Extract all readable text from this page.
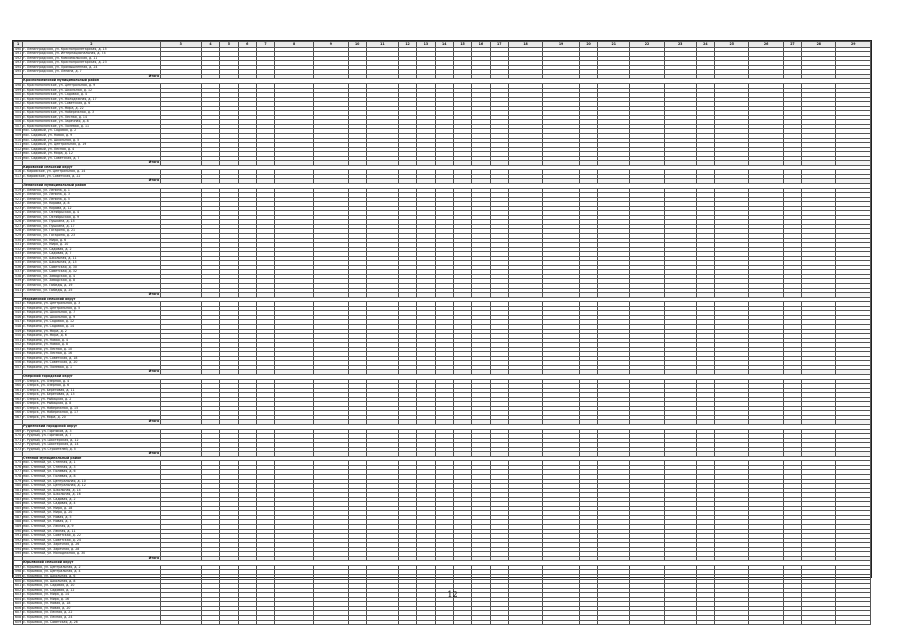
1	2	3	4	5	6	7	8	9	10	11	12	13	14	15	16	17	18	19	20	21	22	23	24	25	26	27	28	29
490	г. Ленинградская, ул. Краснопролетарская, д. 15																											
491	г. Ленинградская, ул. Интернациональная, д. 74																											
492	г. Ленинградская, ул. Комсомольская, д. 11																											
493	г. Ленинградская, ул. Краснопролетарская, д. 23																											
494	г. Ленинградская, ул. Промышленная, д. 24																											
495	г. Ленинградская, ул. Ленина, д. 7																											
	Итого																											
	Краснополянский муниципальный район																											
498	с. Краснополянское, ул. Центральная, д. 9																											
499	с. Краснополянское, ул. Школьная, д. 12																											
500	с. Краснополянское, ул. Садовая, д. 4																											
501	с. Краснополянское, ул. Молодежная, д. 17																											
502	с. Краснополянское, ул. Советская, д. 6																											
503	с. Краснополянское, ул. Мира, д. 22																											
504	с. Краснополянское, ул. Набережная, д. 3																											
505	с. Краснополянское, ул. Лесная, д. 14																											
506	с. Краснополянское, ул. Заречная, д. 8																											
507	с. Краснополянское, ул. Полевая, д. 11																											
508	пос. Садовый, ул. Садовая, д. 2																											
509	пос. Садовый, ул. Новая, д. 9																											
510	пос. Садовый, ул. Школьная, д. 5																											
511	пос. Садовый, ул. Центральная, д. 19																											
512	пос. Садовый, ул. Лесная, д. 4																											
513	пос. Садовый, ул. Мира, д. 12																											
514	пос. Садовый, ул. Советская, д. 7																											
	Итого																											
	Кировский сельский округ																											
516	с. Кировское, ул. Центральная, д. 14																											
517	с. Кировское, ул. Советская, д. 22																											
	Итого																											
	Ленинский муниципальный район																											
519	г. Ленинск, ул. Ленина, д. 1																											
520	г. Ленинск, ул. Ленина, д. 3																											
521	г. Ленинск, ул. Ленина, д. 5																											
522	г. Ленинск, ул. Кирова, д. 8																											
523	г. Ленинск, ул. Кирова, д. 12																											
524	г. Ленинск, ул. Октябрьская, д. 4																											
525	г. Ленинск, ул. Октябрьская, д. 9																											
526	г. Ленинск, ул. Пушкина, д. 15																											
527	г. Ленинск, ул. Пушкина, д. 17																											
528	г. Ленинск, ул. Гагарина, д. 21																											
529	г. Ленинск, ул. Гагарина, д. 23																											
530	г. Ленинск, ул. Мира, д. 6																											
531	г. Ленинск, ул. Мира, д. 10																											
532	г. Ленинск, ул. Садовая, д. 2																											
533	г. Ленинск, ул. Садовая, д. 7																											
534	г. Ленинск, ул. Школьная, д. 11																											
535	г. Ленинск, ул. Школьная, д. 13																											
536	г. Ленинск, ул. Советская, д. 30																											
537	г. Ленинск, ул. Советская, д. 32																											
538	г. Ленинск, ул. Заводская, д. 4																											
539	г. Ленинск, ул. Заводская, д. 8																											
540	г. Ленинск, ул. Победы, д. 19																											
541	г. Ленинск, ул. Победы, д. 25																											
	Итого																											
	Маркинский сельский округ																											
543	с. Маркино, ул. Центральная, д. 3																											
544	с. Маркино, ул. Центральная, д. 5																											
545	с. Маркино, ул. Школьная, д. 7																											
546	с. Маркино, ул. Школьная, д. 9																											
547	с. Маркино, ул. Садовая, д. 12																											
548	с. Маркино, ул. Садовая, д. 14																											
549	с. Маркино, ул. Мира, д. 2																											
550	с. Маркино, ул. Мира, д. 6																											
551	с. Маркино, ул. Новая, д. 4																											
552	с. Маркино, ул. Новая, д. 8																											
553	с. Маркино, ул. Лесная, д. 10																											
554	с. Маркино, ул. Лесная, д. 16																											
555	с. Маркино, ул. Советская, д. 18																											
556	с. Маркино, ул. Советская, д. 20																											
557	с. Маркино, ул. Полевая, д. 1																											
	Итого																											
	Озерский городской округ																											
559	г. Озерск, ул. Озерная, д. 4																											
560	г. Озерск, ул. Озерная, д. 6																											
561	г. Озерск, ул. Береговая, д. 11																											
562	г. Озерск, ул. Береговая, д. 13																											
563	г. Озерск, ул. Рыбацкая, д. 2																											
564	г. Озерск, ул. Рыбацкая, д. 8																											
565	г. Озерск, ул. Набережная, д. 15																											
566	г. Озерск, ул. Набережная, д. 17																											
567	г. Озерск, ул. Мира, д. 20																											
	Итого																											
	Рудненский городской округ																											
569	г. Рудный, ул. Горняков, д. 3																											
570	г. Рудный, ул. Горняков, д. 7																											
571	г. Рудный, ул. Шахтерская, д. 12																											
572	г. Рудный, ул. Шахтерская, д. 14																											
573	г. Рудный, ул. Строителей, д. 5																											
	Итого																											
	Степной муниципальный район																											
575	пос. Степной, ул. Степная, д. 1																											
576	пос. Степной, ул. Степная, д. 3																											
577	пос. Степной, ул. Полевая, д. 6																											
578	пос. Степной, ул. Полевая, д. 8																											
579	пос. Степной, ул. Центральная, д. 10																											
580	пос. Степной, ул. Центральная, д. 12																											
581	пос. Степной, ул. Школьная, д. 14																											
582	пос. Степной, ул. Школьная, д. 16																											
583	пос. Степной, ул. Садовая, д. 2																											
584	пос. Степной, ул. Садовая, д. 4																											
585	пос. Степной, ул. Мира, д. 18																											
586	пос. Степной, ул. Мира, д. 20																											
587	пос. Степной, ул. Новая, д. 5																											
588	пос. Степной, ул. Новая, д. 7																											
589	пос. Степной, ул. Лесная, д. 9																											
590	пос. Степной, ул. Лесная, д. 11																											
591	пос. Степной, ул. Советская, д. 22																											
592	пос. Степной, ул. Советская, д. 24																											
593	пос. Степной, ул. Заречная, д. 26																											
594	пос. Степной, ул. Заречная, д. 28																											
595	пос. Степной, ул. Молодежная, д. 30																											
	Итого																											
	Юрьевский сельский округ																											
597	с. Юрьевка, ул. Центральная, д. 2																											
598	с. Юрьевка, ул. Центральная, д. 4																											
599	с. Юрьевка, ул. Школьная, д. 6																											
600	с. Юрьевка, ул. Школьная, д. 8																											
601	с. Юрьевка, ул. Садовая, д. 10																											
602	с. Юрьевка, ул. Садовая, д. 12																											
603	с. Юрьевка, ул. Мира, д. 14																											
604	с. Юрьевка, ул. Мира, д. 16																											
605	с. Юрьевка, ул. Новая, д. 18																											
606	с. Юрьевка, ул. Новая, д. 20																											
607	с. Юрьевка, ул. Лесная, д. 22																											
608	с. Юрьевка, ул. Лесная, д. 24																											
609	с. Юрьевка, ул. Советская, д. 26																											
12
